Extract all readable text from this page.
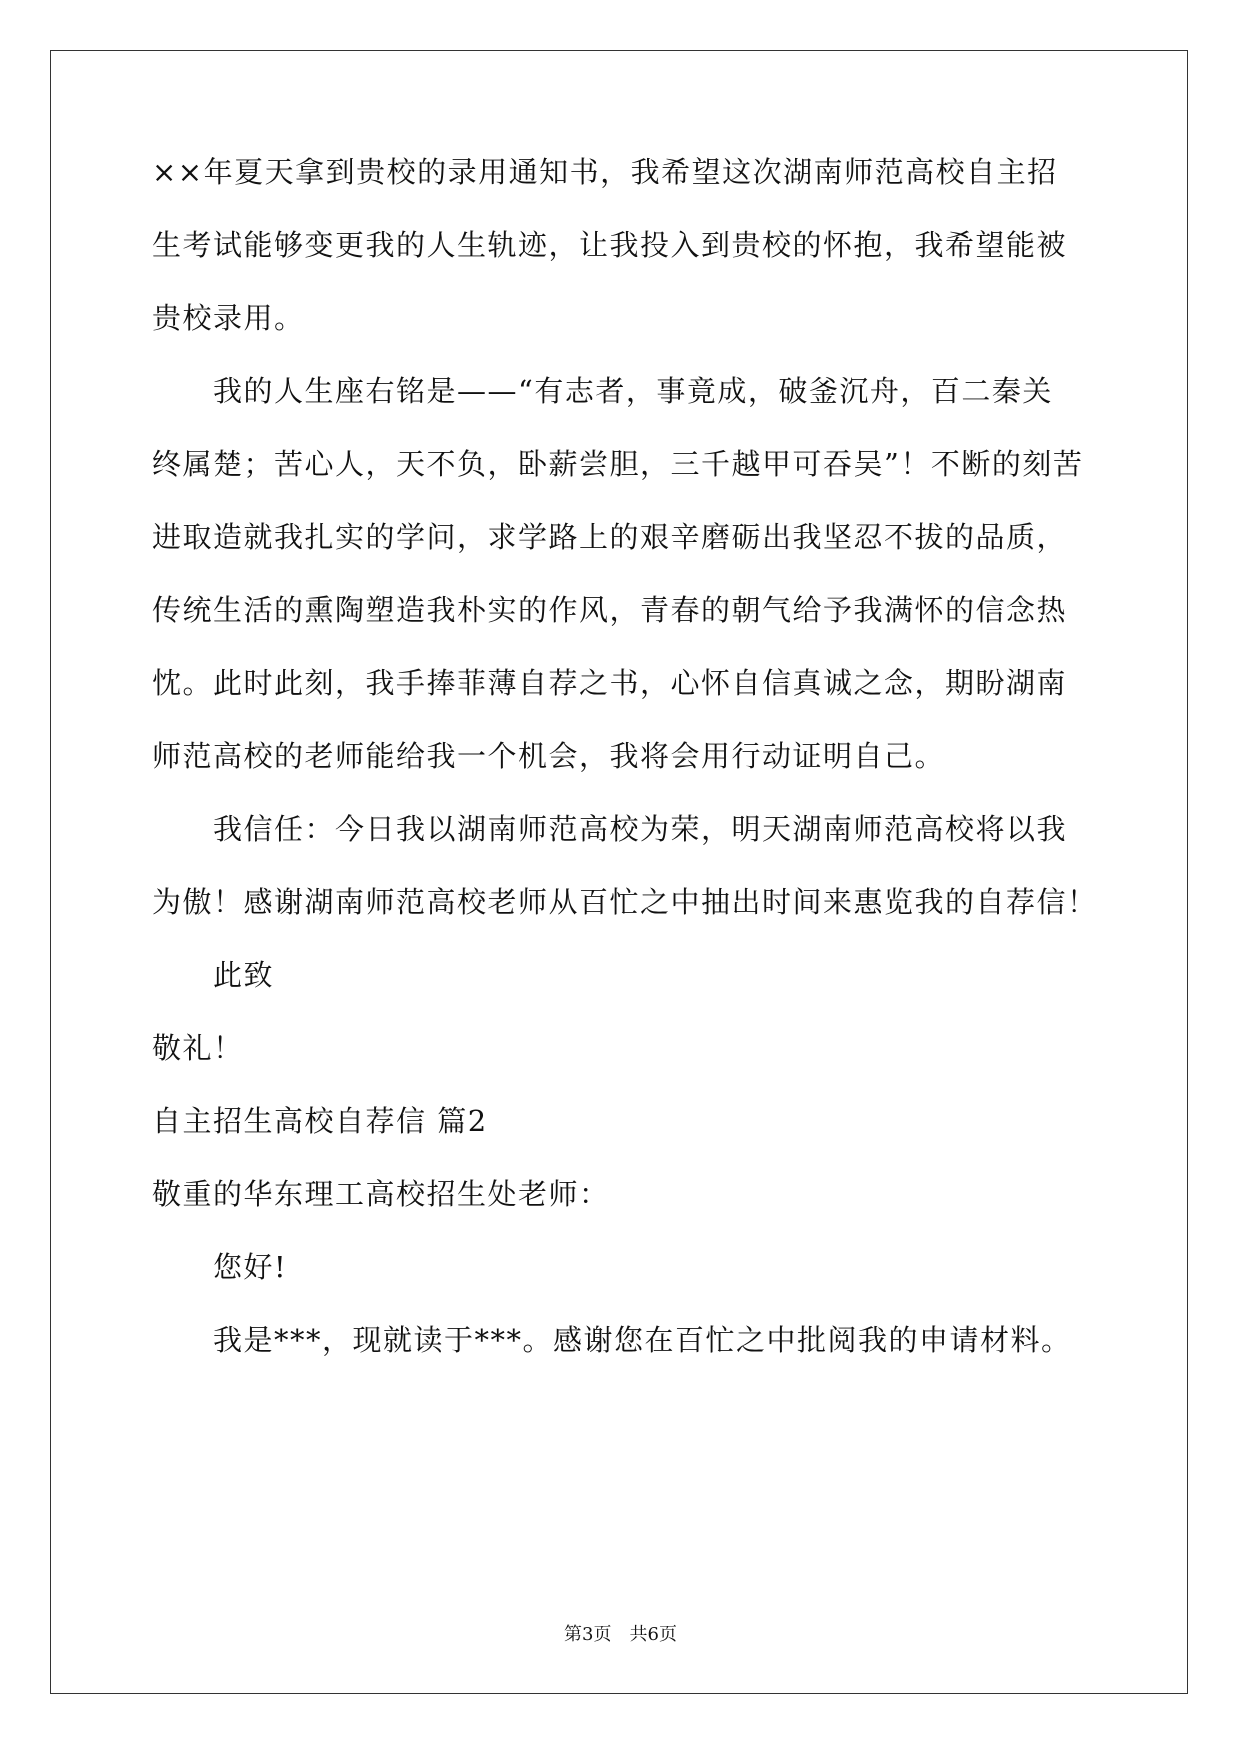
××年夏天拿到贵校的录用通知书，我希望这次湖南师范高校自主招
生考试能够变更我的人生轨迹，让我投入到贵校的怀抱，我希望能被
贵校录用。
我的人生座右铭是——“有志者，事竟成，破釜沉舟，百二秦关
终属楚；苦心人，天不负，卧薪尝胆，三千越甲可吞吴”！不断的刻苦
进取造就我扎实的学问，求学路上的艰辛磨砺出我坚忍不拔的品质，
传统生活的熏陶塑造我朴实的作风，青春的朝气给予我满怀的信念热
忱。此时此刻，我手捧菲薄自荐之书，心怀自信真诚之念，期盼湖南
师范高校的老师能给我一个机会，我将会用行动证明自己。
我信任：今日我以湖南师范高校为荣，明天湖南师范高校将以我
为傲！感谢湖南师范高校老师从百忙之中抽出时间来惠览我的自荐信！
此致
敬礼！
自主招生高校自荐信 篇2
敬重的华东理工高校招生处老师：
您好!
我是***，现就读于***。感谢您在百忙之中批阅我的申请材料。
第3页　共6页
